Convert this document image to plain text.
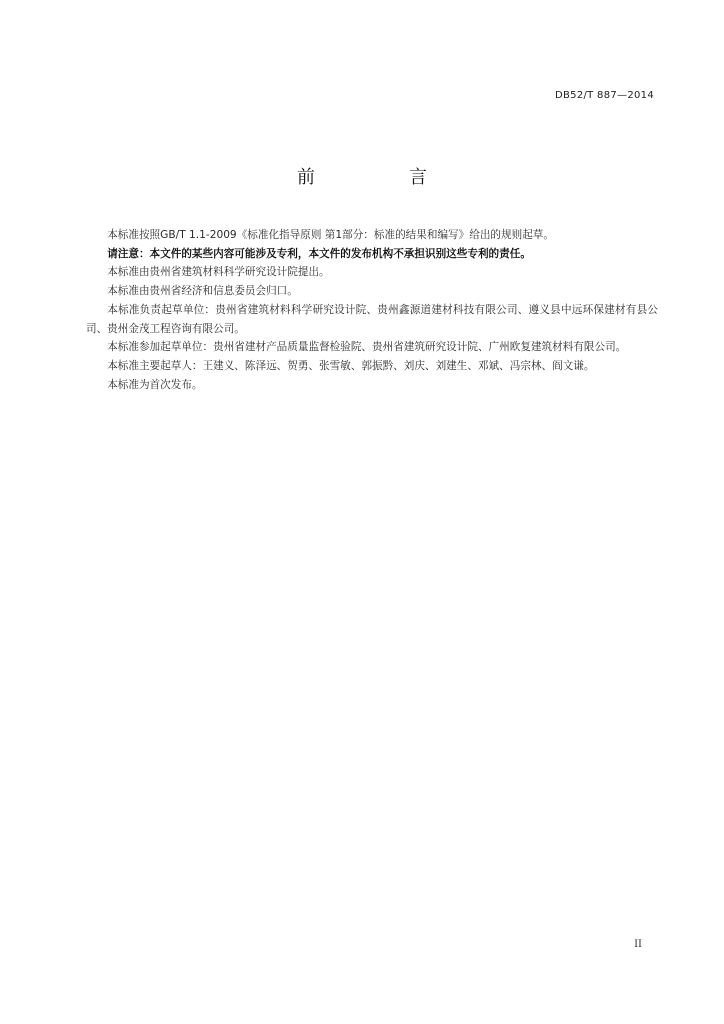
DB52/T 887—2014
前　言

本标准按照GB/T 1.1-2009《标准化指导原则 第1部分：标准的结果和编写》给出的规则起草。

请注意：本文件的某些内容可能涉及专利，本文件的发布机构不承担识别这些专利的责任。

本标准由贵州省建筑材料科学研究设计院提出。

本标准由贵州省经济和信息委员会归口。

本标准负责起草单位：贵州省建筑材料科学研究设计院、贵州鑫源道建材科技有限公司、遵义县中远环保建材有县公司、贵州金茂工程咨询有限公司。

本标准参加起草单位：贵州省建材产品质量监督检验院、贵州省建筑研究设计院、广州欧复建筑材料有限公司。

本标准主要起草人：王建义、陈泽远、贺勇、张雪敏、郭振黔、刘庆、刘建生、邓斌、冯宗林、阎文谦。

本标准为首次发布。

II
